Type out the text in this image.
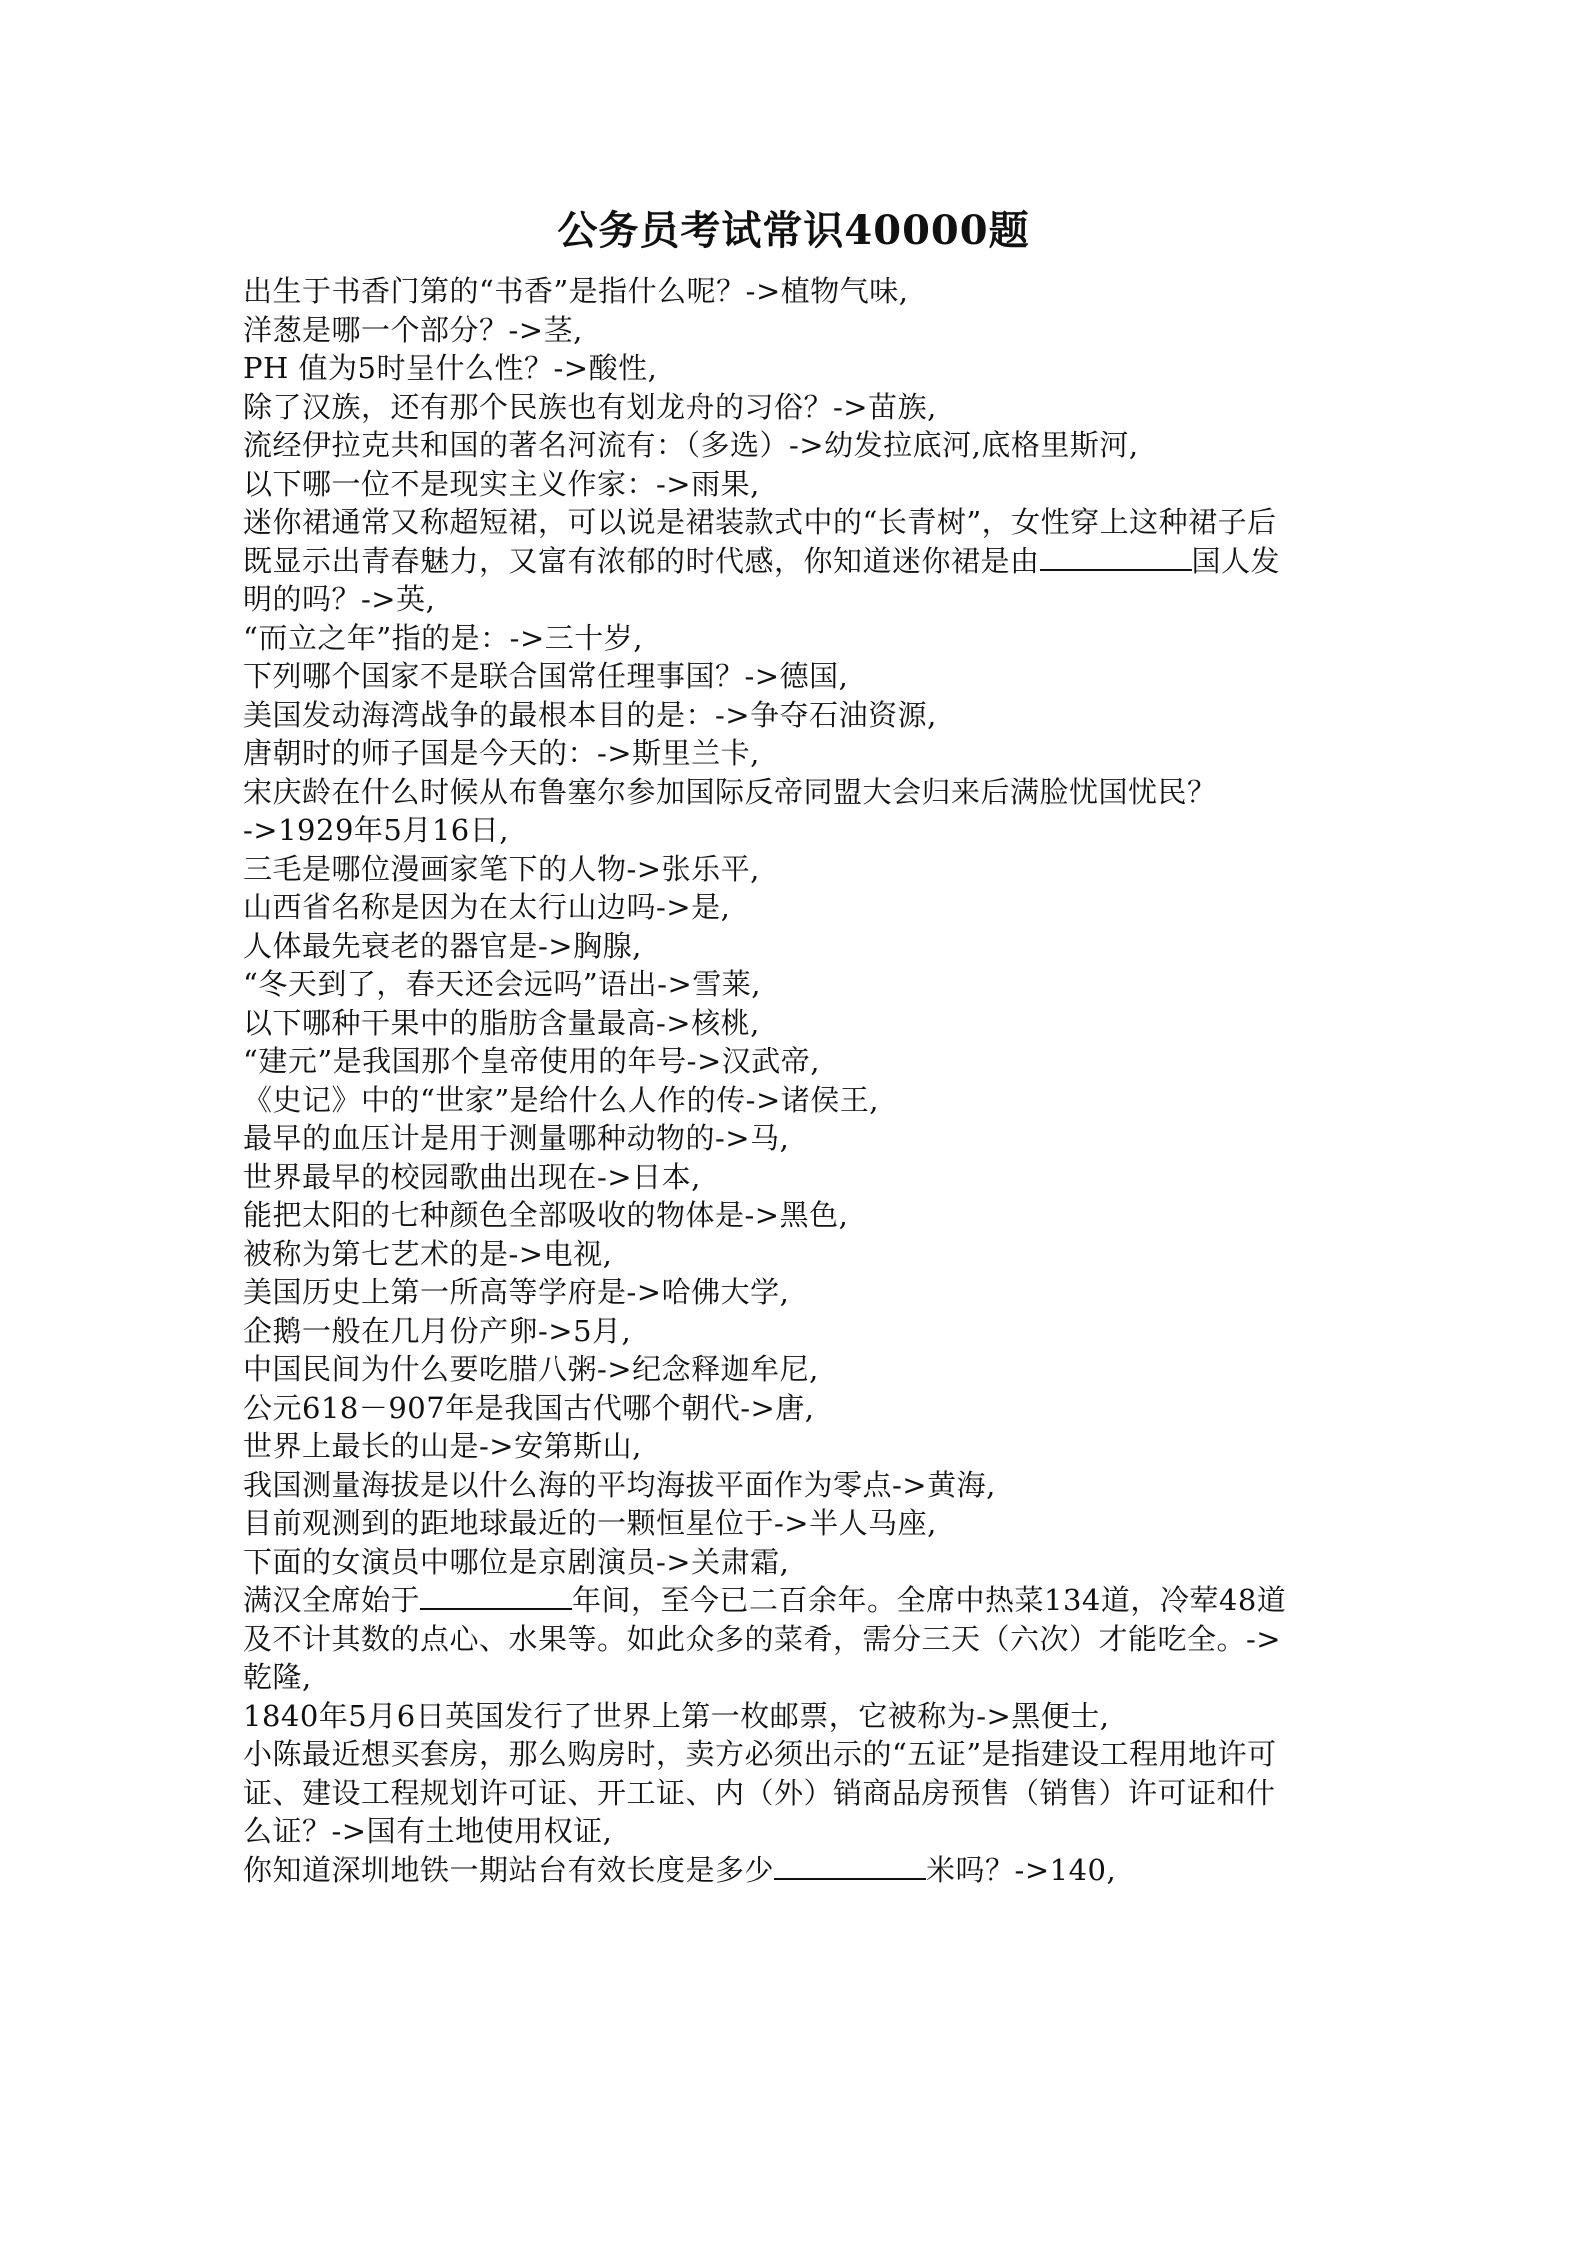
公务员考试常识40000题
出生于书香门第的“书香”是指什么呢？->植物气味,
洋葱是哪一个部分？->茎,
PH 值为5时呈什么性？->酸性,
除了汉族，还有那个民族也有划龙舟的习俗？->苗族,
流经伊拉克共和国的著名河流有：（多选）->幼发拉底河,底格里斯河,
以下哪一位不是现实主义作家：->雨果,
迷你裙通常又称超短裙，可以说是裙装款式中的“长青树”，女性穿上这种裙子后
既显示出青春魅力，又富有浓郁的时代感，你知道迷你裙是由	国人发
明的吗？->英,
“而立之年”指的是：->三十岁,
下列哪个国家不是联合国常任理事国？->德国,
美国发动海湾战争的最根本目的是：->争夺石油资源,
唐朝时的师子国是今天的：->斯里兰卡,
宋庆龄在什么时候从布鲁塞尔参加国际反帝同盟大会归来后满脸忧国忧民？
->1929年5月16日,
三毛是哪位漫画家笔下的人物->张乐平,
山西省名称是因为在太行山边吗->是,
人体最先衰老的器官是->胸腺,
“冬天到了，春天还会远吗”语出->雪莱,
以下哪种干果中的脂肪含量最高->核桃,
“建元”是我国那个皇帝使用的年号->汉武帝,
《史记》中的“世家”是给什么人作的传->诸侯王,
最早的血压计是用于测量哪种动物的->马,
世界最早的校园歌曲出现在->日本,
能把太阳的七种颜色全部吸收的物体是->黑色,
被称为第七艺术的是->电视,
美国历史上第一所高等学府是->哈佛大学,
企鹅一般在几月份产卵->5月,
中国民间为什么要吃腊八粥->纪念释迦牟尼,
公元618－907年是我国古代哪个朝代->唐,
世界上最长的山是->安第斯山,
我国测量海拔是以什么海的平均海拔平面作为零点->黄海,
目前观测到的距地球最近的一颗恒星位于->半人马座,
下面的女演员中哪位是京剧演员->关肃霜,
满汉全席始于	年间，至今已二百余年。全席中热菜134道，冷荤48道
及不计其数的点心、水果等。如此众多的菜肴，需分三天（六次）才能吃全。->
乾隆,
1840年5月6日英国发行了世界上第一枚邮票，它被称为->黑便士,
小陈最近想买套房，那么购房时，卖方必须出示的“五证”是指建设工程用地许可
证、建设工程规划许可证、开工证、内（外）销商品房预售（销售）许可证和什
么证？->国有土地使用权证,
你知道深圳地铁一期站台有效长度是多少	米吗？->140,
